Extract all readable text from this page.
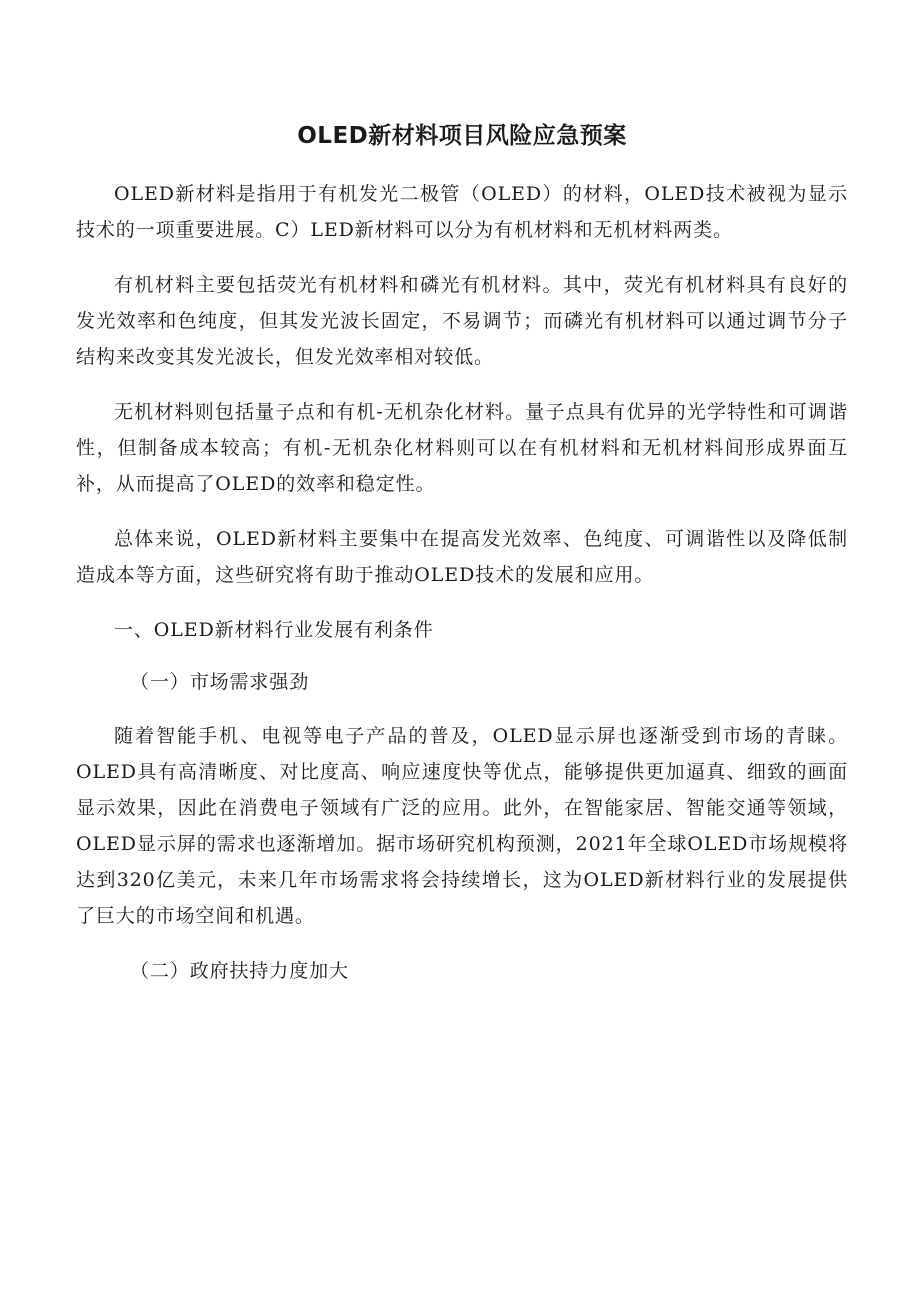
OLED新材料项目风险应急预案

OLED新材料是指用于有机发光二极管（OLED）的材料，OLED技术被视为显示技术的一项重要进展。C）LED新材料可以分为有机材料和无机材料两类。

有机材料主要包括荧光有机材料和磷光有机材料。其中，荧光有机材料具有良好的发光效率和色纯度，但其发光波长固定，不易调节；而磷光有机材料可以通过调节分子结构来改变其发光波长，但发光效率相对较低。

无机材料则包括量子点和有机-无机杂化材料。量子点具有优异的光学特性和可调谐性，但制备成本较高；有机-无机杂化材料则可以在有机材料和无机材料间形成界面互补，从而提高了OLED的效率和稳定性。

总体来说，OLED新材料主要集中在提高发光效率、色纯度、可调谐性以及降低制造成本等方面，这些研究将有助于推动OLED技术的发展和应用。

一、OLED新材料行业发展有利条件
（一）市场需求强劲

随着智能手机、电视等电子产品的普及，OLED显示屏也逐渐受到市场的青睐。OLED具有高清晰度、对比度高、响应速度快等优点，能够提供更加逼真、细致的画面显示效果，因此在消费电子领域有广泛的应用。此外，在智能家居、智能交通等领域，OLED显示屏的需求也逐渐增加。据市场研究机构预测，2021年全球OLED市场规模将达到320亿美元，未来几年市场需求将会持续增长，这为OLED新材料行业的发展提供了巨大的市场空间和机遇。

（二）政府扶持力度加大
